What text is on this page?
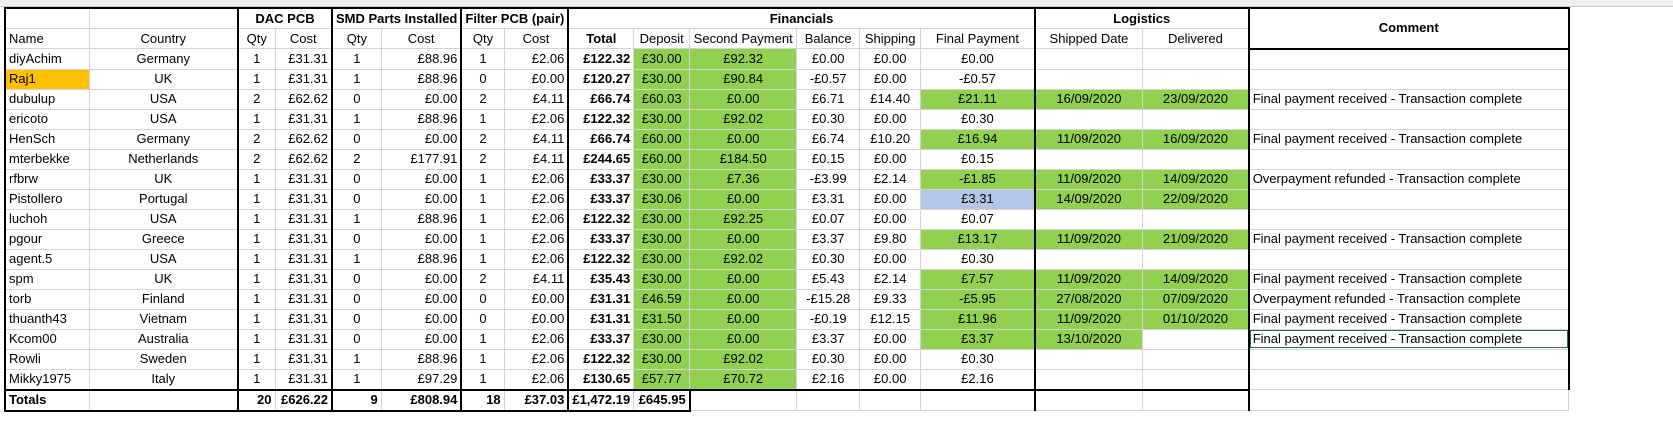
		DAC PCB		SMD Parts Installed		Filter PCB (pair)		Financials						Logistics		Comment
Name	Country	Qty	Cost	Qty	Cost	Qty	Cost	Total	Deposit	Second Payment	Balance	Shipping	Final Payment	Shipped Date	Delivered	
diyAchim	Germany	1	£31.31	1	£88.96	1	£2.06	£122.32	£30.00	£92.32	£0.00	£0.00	£0.00			
Raj1	UK	1	£31.31	1	£88.96	0	£0.00	£120.27	£30.00	£90.84	-£0.57	£0.00	-£0.57			
dubulup	USA	2	£62.62	0	£0.00	2	£4.11	£66.74	£60.03	£0.00	£6.71	£14.40	£21.11	16/09/2020	23/09/2020	Final payment received - Transaction complete
ericoto	USA	1	£31.31	1	£88.96	1	£2.06	£122.32	£30.00	£92.02	£0.30	£0.00	£0.30			
HenSch	Germany	2	£62.62	0	£0.00	2	£4.11	£66.74	£60.00	£0.00	£6.74	£10.20	£16.94	11/09/2020	16/09/2020	Final payment received - Transaction complete
mterbekke	Netherlands	2	£62.62	2	£177.91	2	£4.11	£244.65	£60.00	£184.50	£0.15	£0.00	£0.15			
rfbrw	UK	1	£31.31	0	£0.00	1	£2.06	£33.37	£30.00	£7.36	-£3.99	£2.14	-£1.85	11/09/2020	14/09/2020	Overpayment refunded - Transaction complete
Pistollero	Portugal	1	£31.31	0	£0.00	1	£2.06	£33.37	£30.06	£0.00	£3.31	£0.00	£3.31	14/09/2020	22/09/2020	
luchoh	USA	1	£31.31	1	£88.96	1	£2.06	£122.32	£30.00	£92.25	£0.07	£0.00	£0.07			
pgour	Greece	1	£31.31	0	£0.00	1	£2.06	£33.37	£30.00	£0.00	£3.37	£9.80	£13.17	11/09/2020	21/09/2020	Final payment received - Transaction complete
agent.5	USA	1	£31.31	1	£88.96	1	£2.06	£122.32	£30.00	£92.02	£0.30	£0.00	£0.30			
spm	UK	1	£31.31	0	£0.00	2	£4.11	£35.43	£30.00	£0.00	£5.43	£2.14	£7.57	11/09/2020	14/09/2020	Final payment received - Transaction complete
torb	Finland	1	£31.31	0	£0.00	0	£0.00	£31.31	£46.59	£0.00	-£15.28	£9.33	-£5.95	27/08/2020	07/09/2020	Overpayment refunded - Transaction complete
thuanth43	Vietnam	1	£31.31	0	£0.00	0	£0.00	£31.31	£31.50	£0.00	-£0.19	£12.15	£11.96	11/09/2020	01/10/2020	Final payment received - Transaction complete
Kcom00	Australia	1	£31.31	0	£0.00	1	£2.06	£33.37	£30.00	£0.00	£3.37	£0.00	£3.37	13/10/2020		Final payment received - Transaction complete
Rowli	Sweden	1	£31.31	1	£88.96	1	£2.06	£122.32	£30.00	£92.02	£0.30	£0.00	£0.30			
Mikky1975	Italy	1	£31.31	1	£97.29	1	£2.06	£130.65	£57.77	£70.72	£2.16	£0.00	£2.16			
Totals		20	£626.22	9	£808.94	18	£37.03	£1,472.19	£645.95							
